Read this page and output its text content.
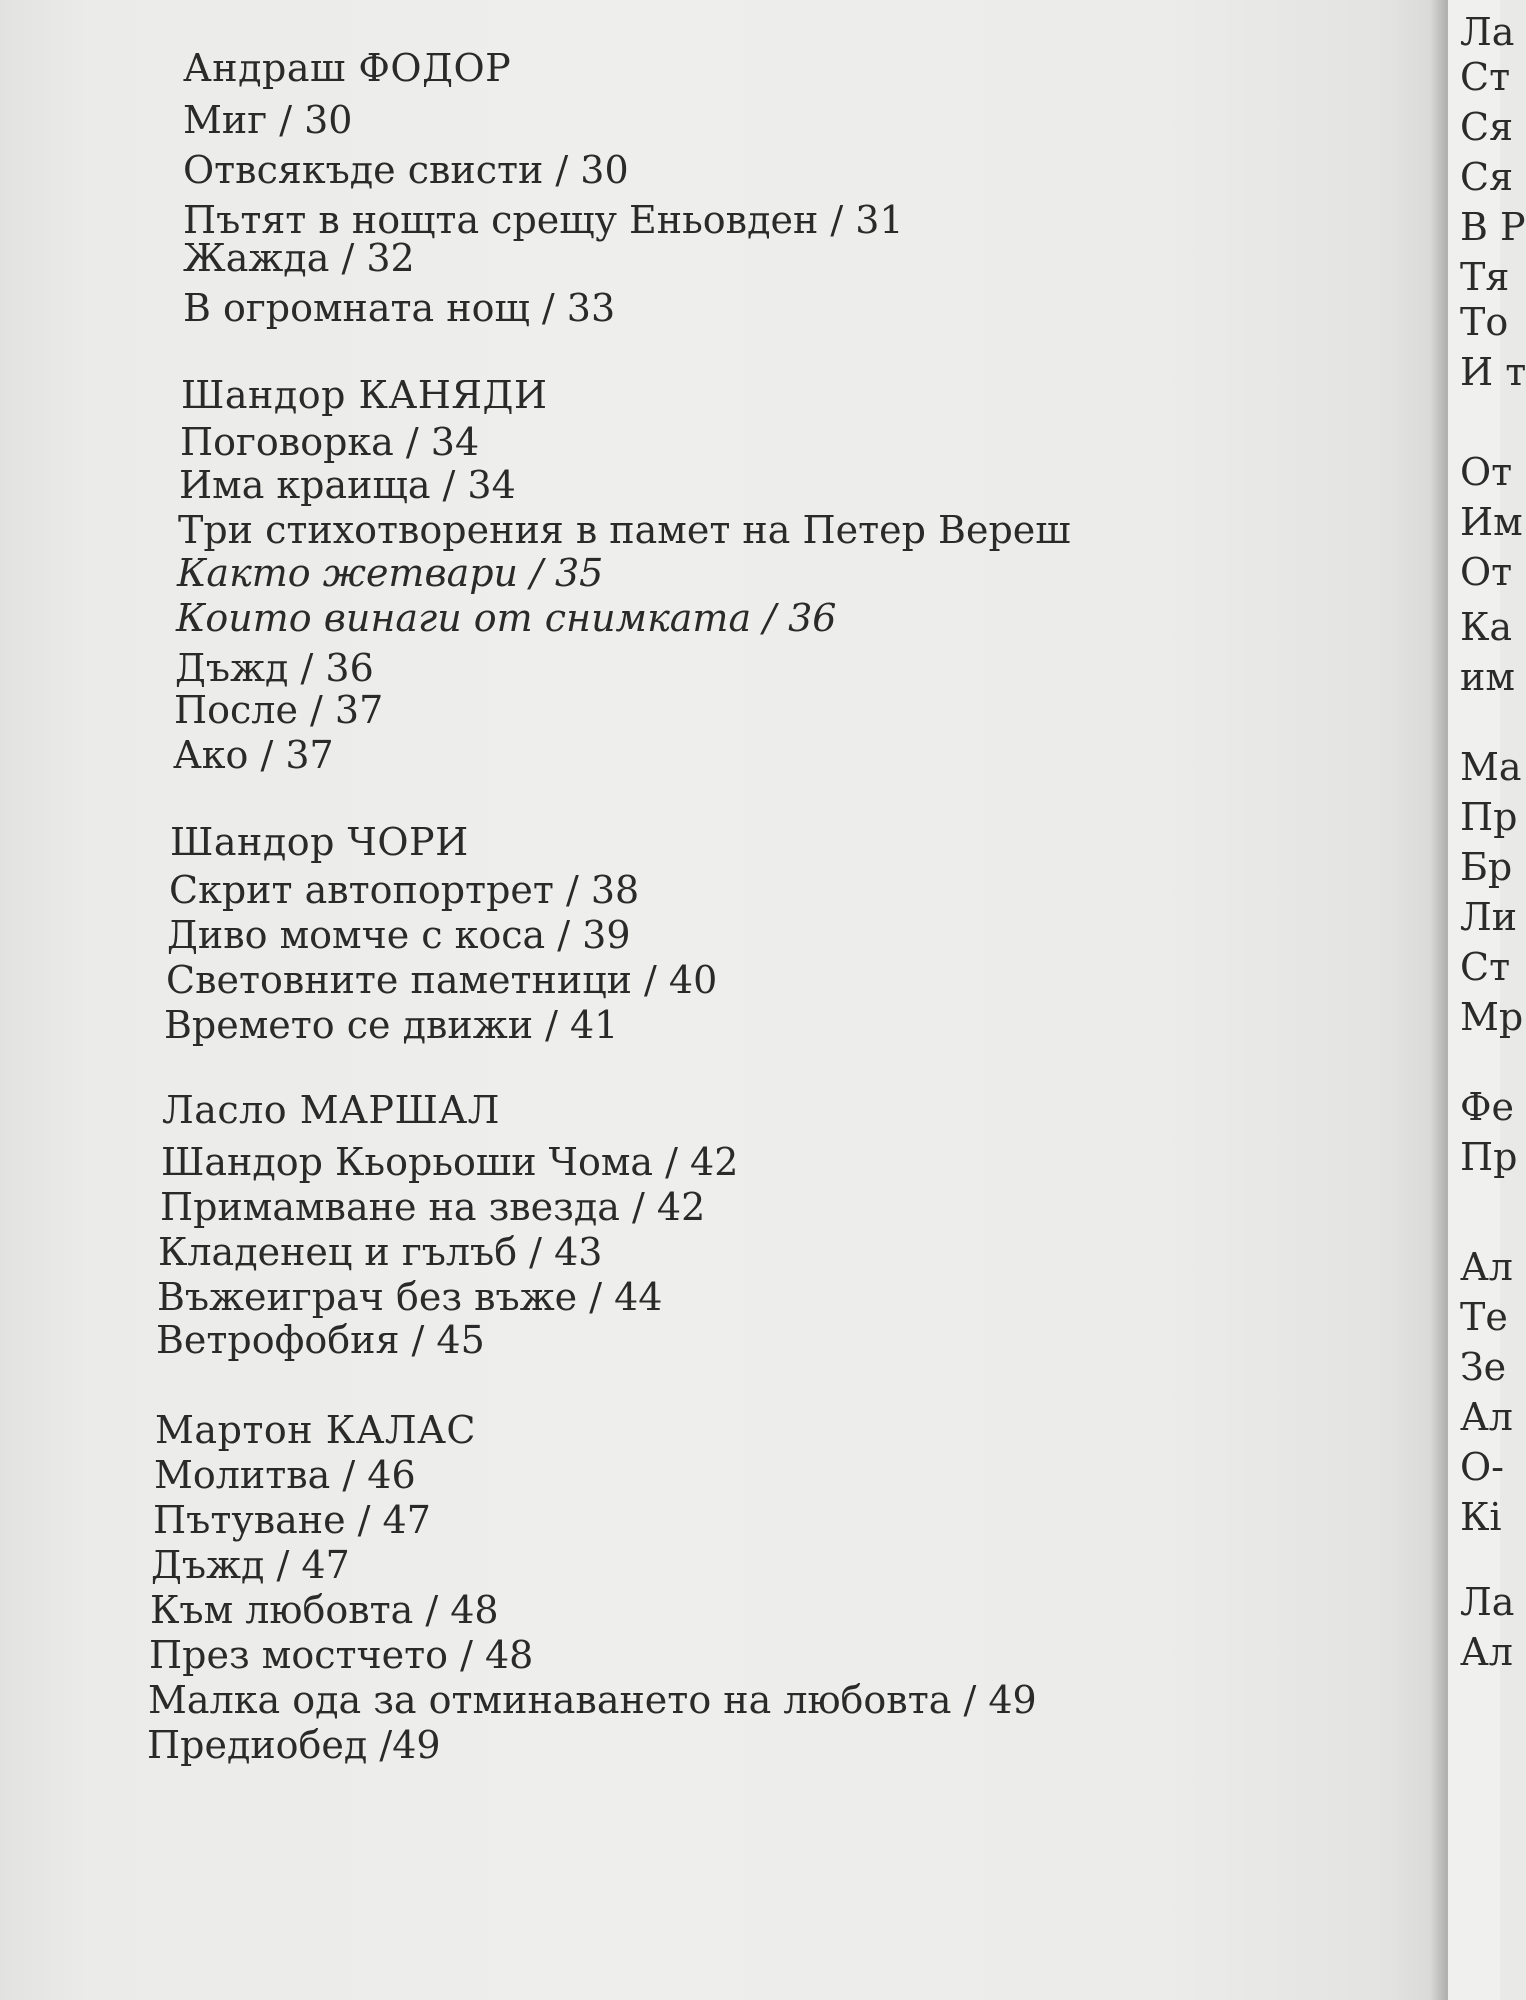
Андраш ФОДОР
Миг / 30
Отвсякъде свисти / 30
Пътят в нощта срещу Еньовден / 31
Жажда / 32
В огромната нощ / 33
Шандор КАНЯДИ
Поговорка / 34
Има краища / 34
Три стихотворения в памет на Петер Вереш
Както жетвари / 35
Които винаги от снимката / 36
Дъжд / 36
После / 37
Ако / 37
Шандор ЧОРИ
Скрит автопортрет / 38
Диво момче с коса / 39
Световните паметници / 40
Времето се движи / 41
Ласло МАРШАЛ
Шандор Кьорьоши Чома / 42
Примамване на звезда / 42
Кладенец и гълъб / 43
Въжеиграч без въже / 44
Ветрофобия / 45
Мартон КАЛАС
Молитва / 46
Пътуване / 47
Дъжд / 47
Към любовта / 48
През мостчето / 48
Малка ода за отминаването на любовта / 49
Предиобед /49
Ла
Ст
Ся
Ся
В Р
Тя
То
И т
От
Им
От
Ка
им
Ма
Пр
Бр
Ли
Ст
Мр
Фе
Пр
Ал
Те
Зе
Ал
О-
Кі
Ла
Ал
